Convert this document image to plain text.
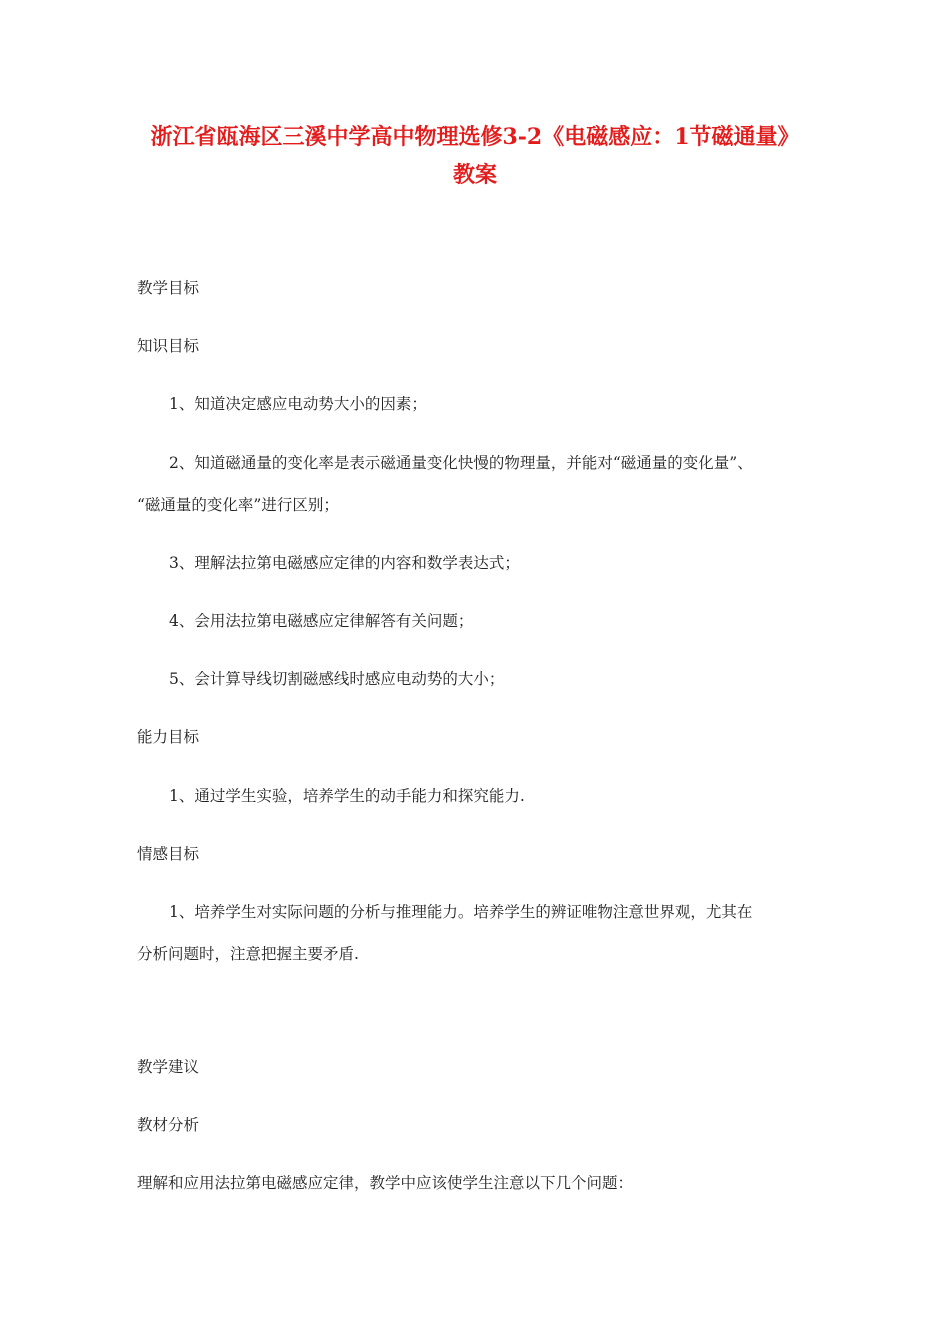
浙江省瓯海区三溪中学高中物理选修3-2《电磁感应：1节磁通量》
教案
教学目标
知识目标
1、知道决定感应电动势大小的因素；
2、知道磁通量的变化率是表示磁通量变化快慢的物理量，并能对“磁通量的变化量”、
“磁通量的变化率”进行区别；
3、理解法拉第电磁感应定律的内容和数学表达式；
4、会用法拉第电磁感应定律解答有关问题；
5、会计算导线切割磁感线时感应电动势的大小；
能力目标
1、通过学生实验，培养学生的动手能力和探究能力.
情感目标
1、培养学生对实际问题的分析与推理能力。培养学生的辨证唯物注意世界观，尤其在
分析问题时，注意把握主要矛盾.
教学建议
教材分析
理解和应用法拉第电磁感应定律，教学中应该使学生注意以下几个问题：
